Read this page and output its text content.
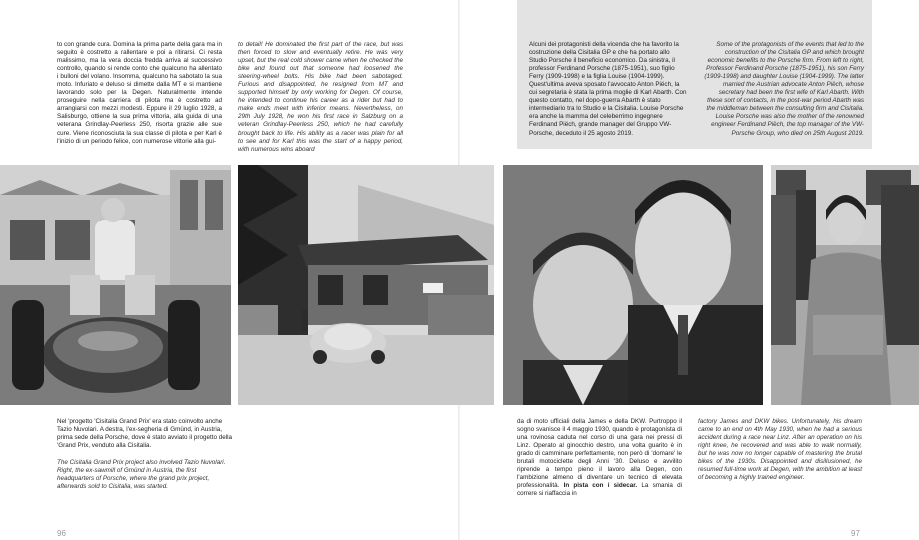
to con grande cura. Domina la prima parte della gara ma in seguito è costretto a rallentare e poi a ritirarsi. Ci resta malissimo, ma la vera doccia fredda arriva al successivo controllo, quando si rende conto che qualcuno ha allentato i bulloni del volano. Insomma, qualcuno ha sabotato la sua moto. Infuriato e deluso si dimette dalla MT e si mantiene lavorando solo per la Degen. Naturalmente intende proseguire nella carriera di pilota ma è costretto ad arrangiarsi con mezzi modesti. Eppure il 29 luglio 1928, a Salisburgo, ottiene la sua prima vittoria, alla guida di una veterana Grindlay-Peerless 250, risorta grazie alle sue cure. Viene riconosciuta la sua classe di pilota e per Karl è l'inizio di un periodo felice, con numerose vittorie alla gui-

to detail! He dominated the first part of the race, but was then forced to slow and eventually retire. He was very upset, but the real cold shower came when he checked the bike and found out that someone had loosened the steering-wheel bolts. His bike had been sabotaged. Furious and disappointed, he resigned from MT and supported himself by only working for Degen. Of course, he intended to continue his career as a rider but had to make ends meet with inferior means. Nevertheless, on 29th July 1928, he won his first race in Salzburg on a veteran Grindlay-Peerless 250, which he had carefully brought back to life. His ability as a racer was plain for all to see and for Karl this was the start of a happy period, with numerous wins aboard

Alcuni dei protagonisti della vicenda che ha favorito la costruzione della Cisitalia GP e che ha portato allo Studio Porsche il beneficio economico. Da sinistra, il professor Ferdinand Porsche (1875-1951), suo figlio Ferry (1909-1998) e la figlia Louise (1904-1999). Quest'ultima aveva sposato l'avvocato Anton Piëch, la cui segretaria è stata la prima moglie di Karl Abarth. Con questo contatto, nel dopo-guerra Abarth è stato intermediario tra lo Studio e la Cisitalia. Louise Porsche era anche la mamma del celeberrimo ingegnere Ferdinand Piëch, grande manager del Gruppo VW-Porsche, deceduto il 25 agosto 2019.

Some of the protagonists of the events that led to the construction of the Cisitalia GP and which brought economic benefits to the Porsche firm. From left to right, Professor Ferdinand Porsche (1875-1951), his son Ferry (1909-1998) and daughter Louise (1904-1999). The latter married the Austrian advocate Anton Piëch, whose secretary had been the first wife of Karl Abarth. With these sort of contacts, in the post-war period Abarth was the middleman between the consulting firm and Cisitalia. Louise Porsche was also the mother of the renowned engineer Ferdinand Piëch, the top manager of the VW-Porsche Group, who died on 25th August 2019.

Nel 'progetto 'Cisitalia Grand Prix' era stato coinvolto anche Tazio Nuvolari. A destra, l'ex-segheria di Gmünd, in Austria, prima sede della Porsche, dove è stato avviato il progetto della 'Grand Prix, venduto alla Cisitalia.

The Cisitalia Grand Prix project also involved Tazio Nuvolari. Right, the ex-sawmill of Gmünd in Austria, the first headquarters of Porsche, where the grand prix project, afterwards sold to Cisitalia, was started.

da di moto ufficiali della James e della DKW. Purtroppo il sogno svanisce il 4 maggio 1930, quando è protagonista di una rovinosa caduta nel corso di una gara nei pressi di Linz. Operato al ginocchio destro, una volta guarito è in grado di camminare perfettamente, non però di 'domare' le brutali motociclette degli Anni '30. Deluso e avvilito riprende a tempo pieno il lavoro alla Degen, con l'ambizione almeno di diventare un tecnico di elevata professionalità. In pista con i sidecar. La smania di correre si riaffaccia in

factory James and DKW bikes. Unfortunately, his dream came to an end on 4th May 1930, when he had a serious accident during a race near Linz. After an operation on his right knee, he recovered and was able to walk normally, but he was now no longer capable of mastering the brutal bikes of the 1930s. Disappointed and disillusioned, he resumed full-time work at Degen, with the ambition at least of becoming a highly trained engineer.

96	97
